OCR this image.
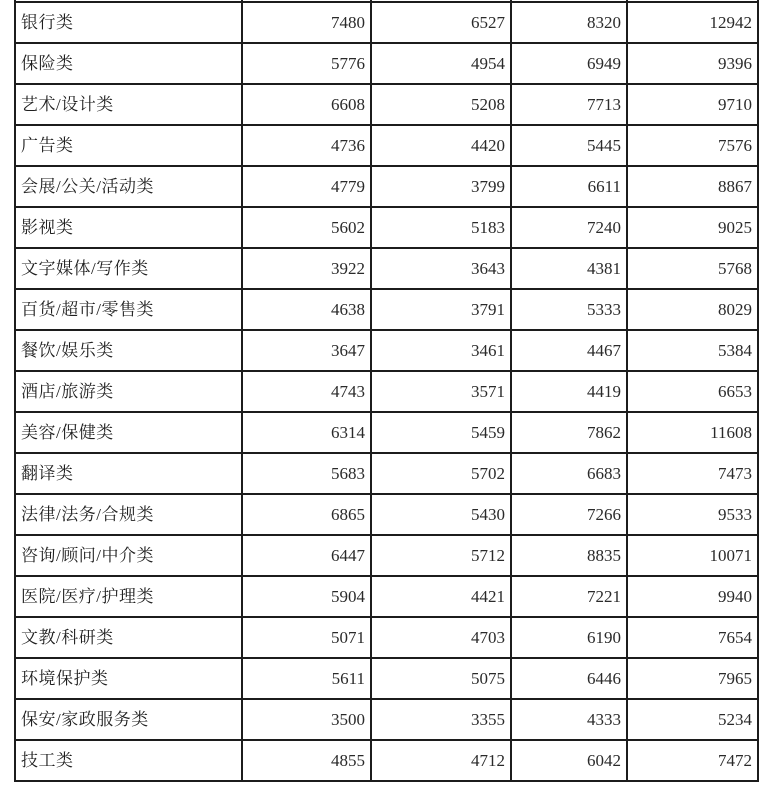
银行类	7480	6527	8320	12942
保险类	5776	4954	6949	9396
艺术/设计类	6608	5208	7713	9710
广告类	4736	4420	5445	7576
会展/公关/活动类	4779	3799	6611	8867
影视类	5602	5183	7240	9025
文字媒体/写作类	3922	3643	4381	5768
百货/超市/零售类	4638	3791	5333	8029
餐饮/娱乐类	3647	3461	4467	5384
酒店/旅游类	4743	3571	4419	6653
美容/保健类	6314	5459	7862	11608
翻译类	5683	5702	6683	7473
法律/法务/合规类	6865	5430	7266	9533
咨询/顾问/中介类	6447	5712	8835	10071
医院/医疗/护理类	5904	4421	7221	9940
文教/科研类	5071	4703	6190	7654
环境保护类	5611	5075	6446	7965
保安/家政服务类	3500	3355	4333	5234
技工类	4855	4712	6042	7472
